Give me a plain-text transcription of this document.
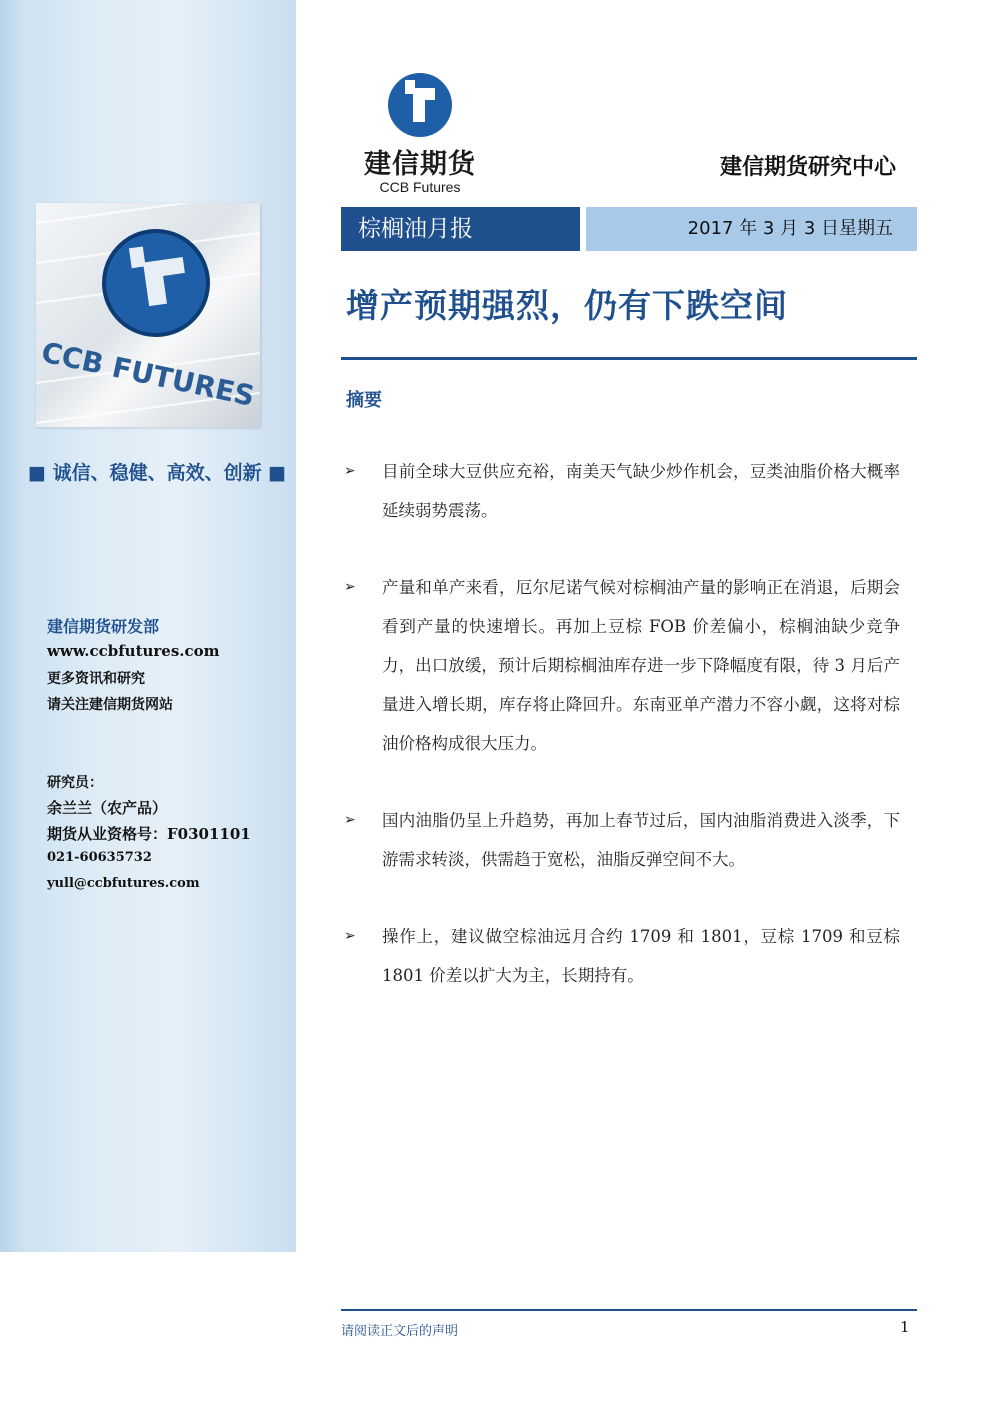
CCB FUTURES
■ 诚信、稳健、高效、创新 ■
建信期货研发部
www.ccbfutures.com
更多资讯和研究
请关注建信期货网站
研究员：
余兰兰（农产品）
期货从业资格号：F0301101
021-60635732
yull@ccbfutures.com
建信期货
CCB Futures
建信期货研究中心
棕榈油月报	2017 年 3 月 3 日星期五
增产预期强烈，仍有下跌空间
摘要
➢ 目前全球大豆供应充裕，南美天气缺少炒作机会，豆类油脂价格大概率延续弱势震荡。
➢ 产量和单产来看，厄尔尼诺气候对棕榈油产量的影响正在消退，后期会看到产量的快速增长。再加上豆棕 FOB 价差偏小，棕榈油缺少竞争力，出口放缓，预计后期棕榈油库存进一步下降幅度有限，待 3 月后产量进入增长期，库存将止降回升。东南亚单产潜力不容小觑，这将对棕油价格构成很大压力。
➢ 国内油脂仍呈上升趋势，再加上春节过后，国内油脂消费进入淡季，下游需求转淡，供需趋于宽松，油脂反弹空间不大。
➢ 操作上，建议做空棕油远月合约 1709 和 1801，豆棕 1709 和豆棕 1801 价差以扩大为主，长期持有。
请阅读正文后的声明	1
